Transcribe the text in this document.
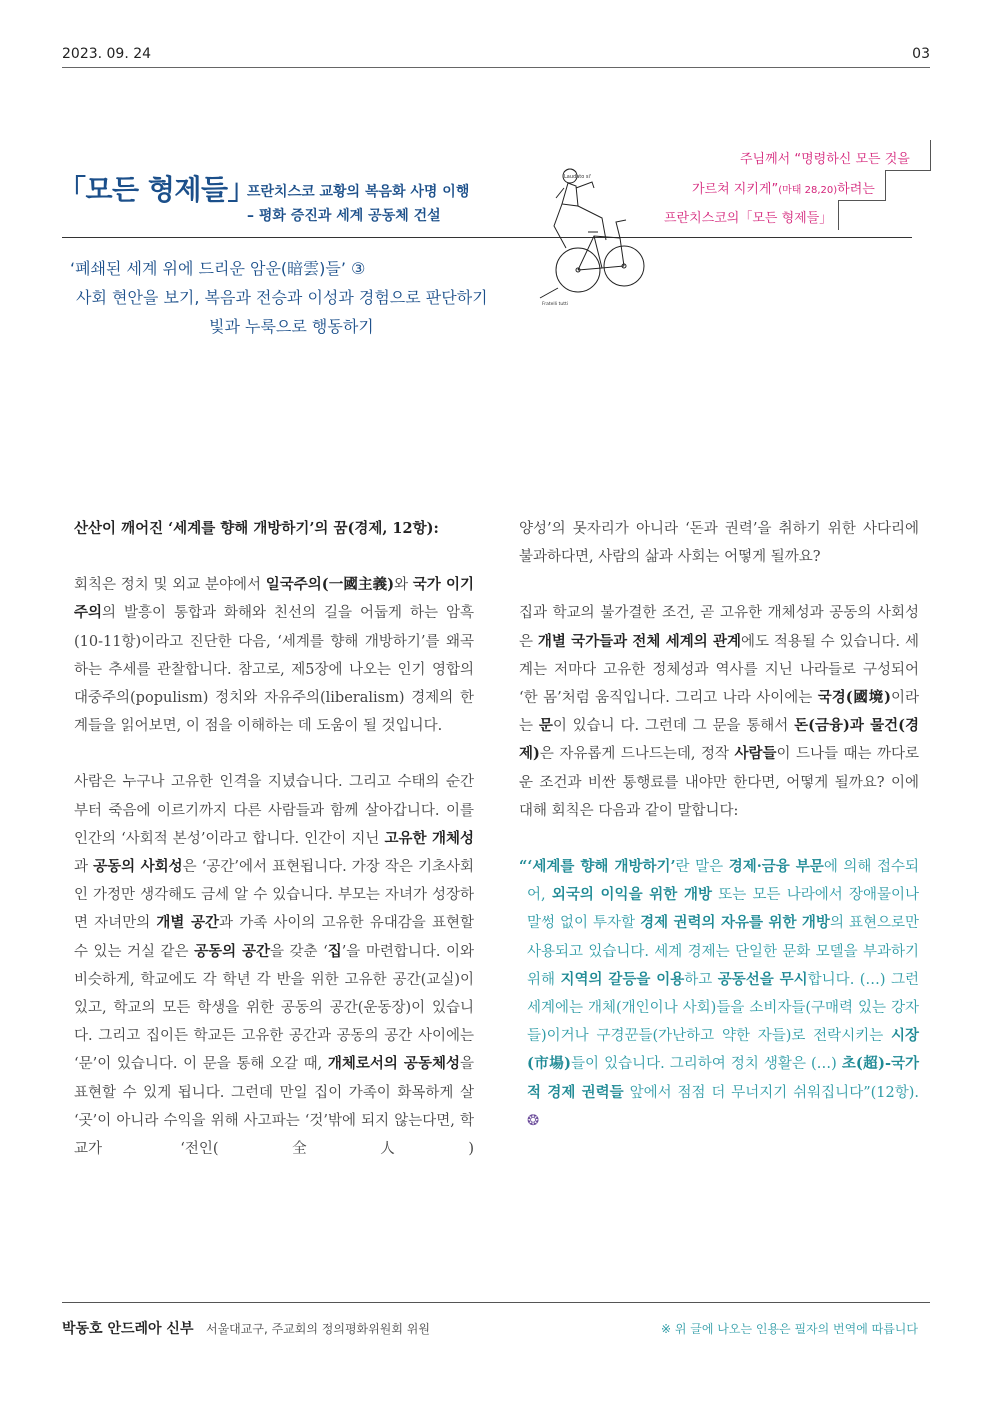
2023. 09. 24	03
「모든 형제들」
프란치스코 교황의 복음화 사명 이행
– 평화 증진과 세계 공동체 건설
주님께서 “명령하신 모든 것을
가르쳐 지키게”(마태 28,20)하려는
프란치스코의「모든 형제들」
Laudato si'
Fratelli tutti
‘폐쇄된 세계 위에 드리운 암운(暗雲)들’ ③
사회 현안을 보기, 복음과 전승과 이성과 경험으로 판단하기
빛과 누룩으로 행동하기

산산이 깨어진 ‘세계를 향해 개방하기’의 꿈(경제, 12항):

회칙은 정치 및 외교 분야에서 일국주의(一國主義)와 국가 이기주의의 발흥이 통합과 화해와 친선의 길을 어둡게 하는 암흑(10-11항)이라고 진단한 다음, ‘세계를 향해 개방하기’를 왜곡하는 추세를 관찰합니다. 참고로, 제5장에 나오는 인기 영합의 대중주의(populism) 정치와 자유주의(liberalism) 경제의 한계들을 읽어보면, 이 점을 이해하는 데 도움이 될 것입니다.

사람은 누구나 고유한 인격을 지녔습니다. 그리고 수태의 순간부터 죽음에 이르기까지 다른 사람들과 함께 살아갑니다. 이를 인간의 ‘사회적 본성’이라고 합니다. 인간이 지닌 고유한 개체성과 공동의 사회성은 ‘공간’에서 표현됩니다. 가장 작은 기초사회인 가정만 생각해도 금세 알 수 있습니다. 부모는 자녀가 성장하면 자녀만의 개별 공간과 가족 사이의 고유한 유대감을 표현할 수 있는 거실 같은 공동의 공간을 갖춘 ‘집’을 마련합니다. 이와 비슷하게, 학교에도 각 학년 각 반을 위한 고유한 공간(교실)이 있고, 학교의 모든 학생을 위한 공동의 공간(운동장)이 있습니다. 그리고 집이든 학교든 고유한 공간과 공동의 공간 사이에는 ‘문’이 있습니다. 이 문을 통해 오갈 때, 개체로서의 공동체성을 표현할 수 있게 됩니다. 그런데 만일 집이 가족이 화목하게 살 ‘곳’이 아니라 수익을 위해 사고파는 ‘것’밖에 되지 않는다면, 학교가 ‘전인(全人)

양성’의 못자리가 아니라 ‘돈과 권력’을 취하기 위한 사다리에 불과하다면, 사람의 삶과 사회는 어떻게 될까요?

집과 학교의 불가결한 조건, 곧 고유한 개체성과 공동의 사회성은 개별 국가들과 전체 세계의 관계에도 적용될 수 있습니다. 세계는 저마다 고유한 정체성과 역사를 지닌 나라들로 구성되어 ‘한 몸’처럼 움직입니다. 그리고 나라 사이에는 국경(國境)이라는 문이 있습니 다. 그런데 그 문을 통해서 돈(금융)과 물건(경제)은 자유롭게 드나드는데, 정작 사람들이 드나들 때는 까다로운 조건과 비싼 통행료를 내야만 한다면, 어떻게 될까요? 이에 대해 회칙은 다음과 같이 말합니다:

“‘세계를 향해 개방하기’란 말은 경제·금융 부문에 의해 접수되어, 외국의 이익을 위한 개방 또는 모든 나라에서 장애물이나 말썽 없이 투자할 경제 권력의 자유를 위한 개방의 표현으로만 사용되고 있습니다. 세계 경제는 단일한 문화 모델을 부과하기 위해 지역의 갈등을 이용하고 공동선을 무시합니다. (…) 그런 세계에는 개체(개인이나 사회)들을 소비자들(구매력 있는 강자들)이거나 구경꾼들(가난하고 약한 자들)로 전락시키는 시장(市場)들이 있습니다. 그리하여 정치 생활은 (…) 초(超)-국가적 경제 권력들 앞에서 점점 더 무너지기 쉬워집니다”(12항). ❂

박동호 안드레아 신부 서울대교구, 주교회의 정의평화위원회 위원	※ 위 글에 나오는 인용은 필자의 번역에 따릅니다
